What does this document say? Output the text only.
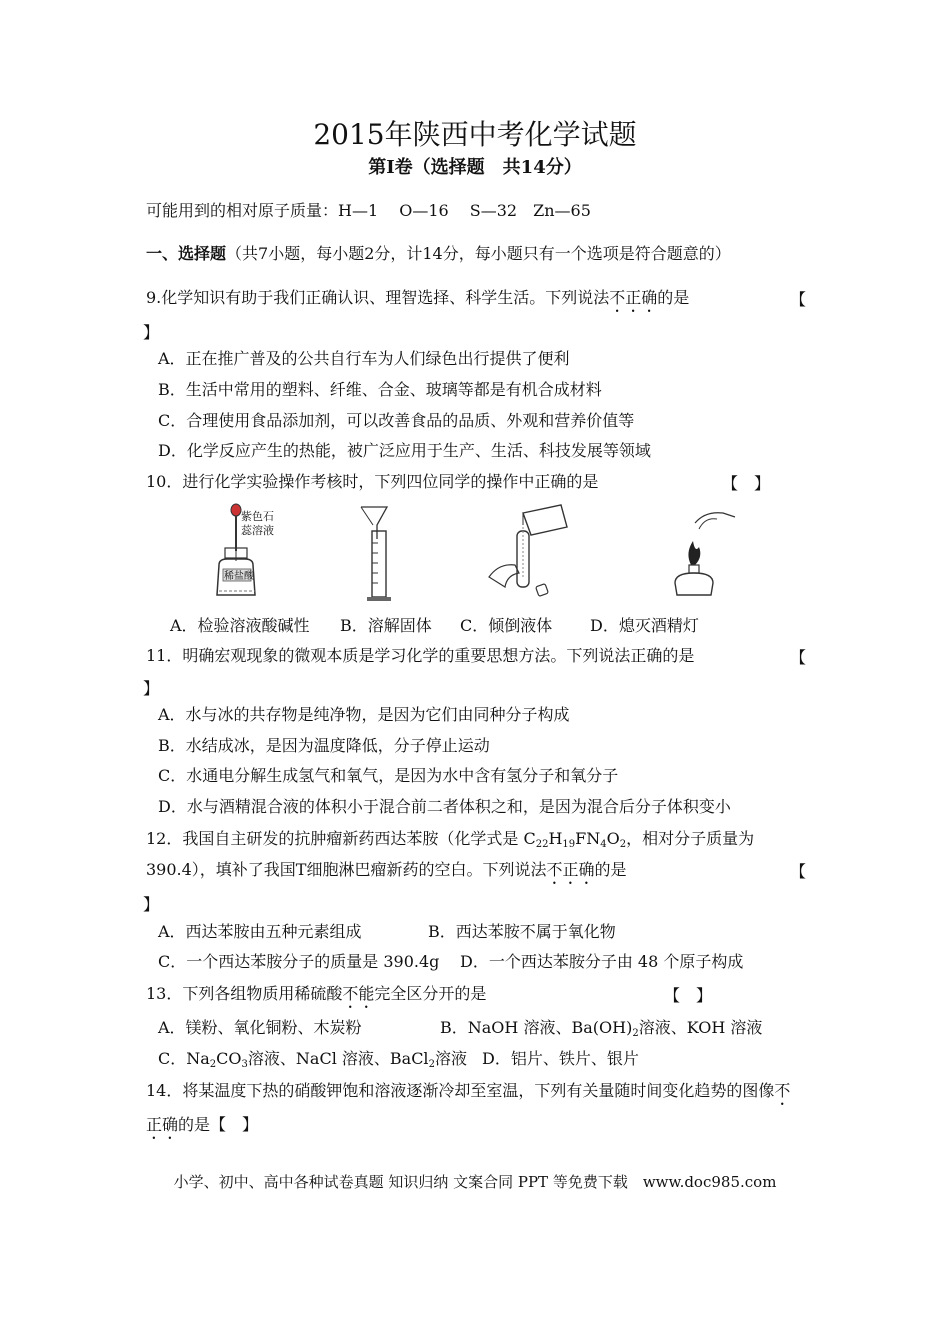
2015年陕西中考化学试题
第Ⅰ卷（选择题　共14分）
可能用到的相对原子质量：H—1　 O—16　 S—32　Zn—65
一、选择题（共7小题，每小题2分，计14分，每小题只有一个选项是符合题意的）
9.化学知识有助于我们正确认识、理智选择、科学生活。下列说法不正确的是	【
】
A．正在推广普及的公共自行车为人们绿色出行提供了便利
B．生活中常用的塑料、纤维、合金、玻璃等都是有机合成材料
C．合理使用食品添加剂，可以改善食品的品质、外观和营养价值等
D．化学反应产生的热能，被广泛应用于生产、生活、科技发展等领域
10．进行化学实验操作考核时，下列四位同学的操作中正确的是	【　】
紫色石
蕊溶液
稀盐酸
A．检验溶液酸碱性 B．溶解固体 C．倾倒液体 D．熄灭酒精灯
11．明确宏观现象的微观本质是学习化学的重要思想方法。下列说法正确的是	【
】
A．水与冰的共存物是纯净物，是因为它们由同种分子构成
B．水结成冰，是因为温度降低，分子停止运动
C．水通电分解生成氢气和氧气，是因为水中含有氢分子和氧分子
D．水与酒精混合液的体积小于混合前二者体积之和，是因为混合后分子体积变小
12．我国自主研发的抗肿瘤新药西达苯胺（化学式是 $C_{22}H_{19}FN_4O_2$，相对分子质量为
390.4），填补了我国T细胞淋巴瘤新药的空白。下列说法不正确的是	【
】
A．西达苯胺由五种元素组成	B．西达苯胺不属于氧化物
C．一个西达苯胺分子的质量是 390.4g D．一个西达苯胺分子由 48 个原子构成
13．下列各组物质用稀硫酸不能完全区分开的是	【　】
A．镁粉、氧化铜粉、木炭粉	B．NaOH 溶液、$Ba(OH)_2$溶液、KOH 溶液
C．$Na_2CO_3$溶液、NaCl 溶液、BaCl$_2$溶液 D．铝片、铁片、银片
14．将某温度下热的硝酸钾饱和溶液逐渐冷却至室温，下列有关量随时间变化趋势的图像不
正确的是【　】
小学、初中、高中各种试卷真题 知识归纳 文案合同 PPT 等免费下载　www.doc985.com
